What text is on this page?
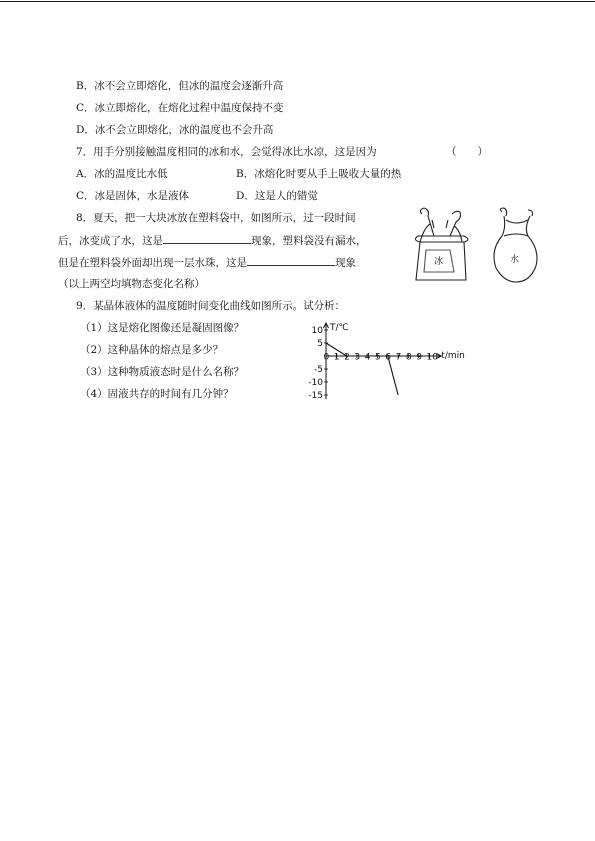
B．冰不会立即熔化，但冰的温度会逐渐升高
C．冰立即熔化，在熔化过程中温度保持不变
D．冰不会立即熔化，冰的温度也不会升高
7．用手分别接触温度相同的冰和水，会觉得冰比水凉，这是因为	（　　）
A．冰的温度比水低	B．冰熔化时要从手上吸收大量的热
C．冰是固体，水是液体	D．这是人的错觉
8．夏天，把一大块冰放在塑料袋中，如图所示，过一段时间
后，冰变成了水，这是	现象，塑料袋没有漏水，
但是在塑料袋外面却出现一层水珠，这是	现象
（以上两空均填物态变化名称）
冰	水
9．某晶体液体的温度随时间变化曲线如图所示。试分析：
（1）这是熔化图像还是凝固图像？
（2）这种晶体的熔点是多少？
（3）这种物质液态时是什么名称？
（4）固液共存的时间有几分钟？
0 1 2 3 4 5 6 7 8 9 10
10
5
-5
-10
-15
T/℃
t/min
